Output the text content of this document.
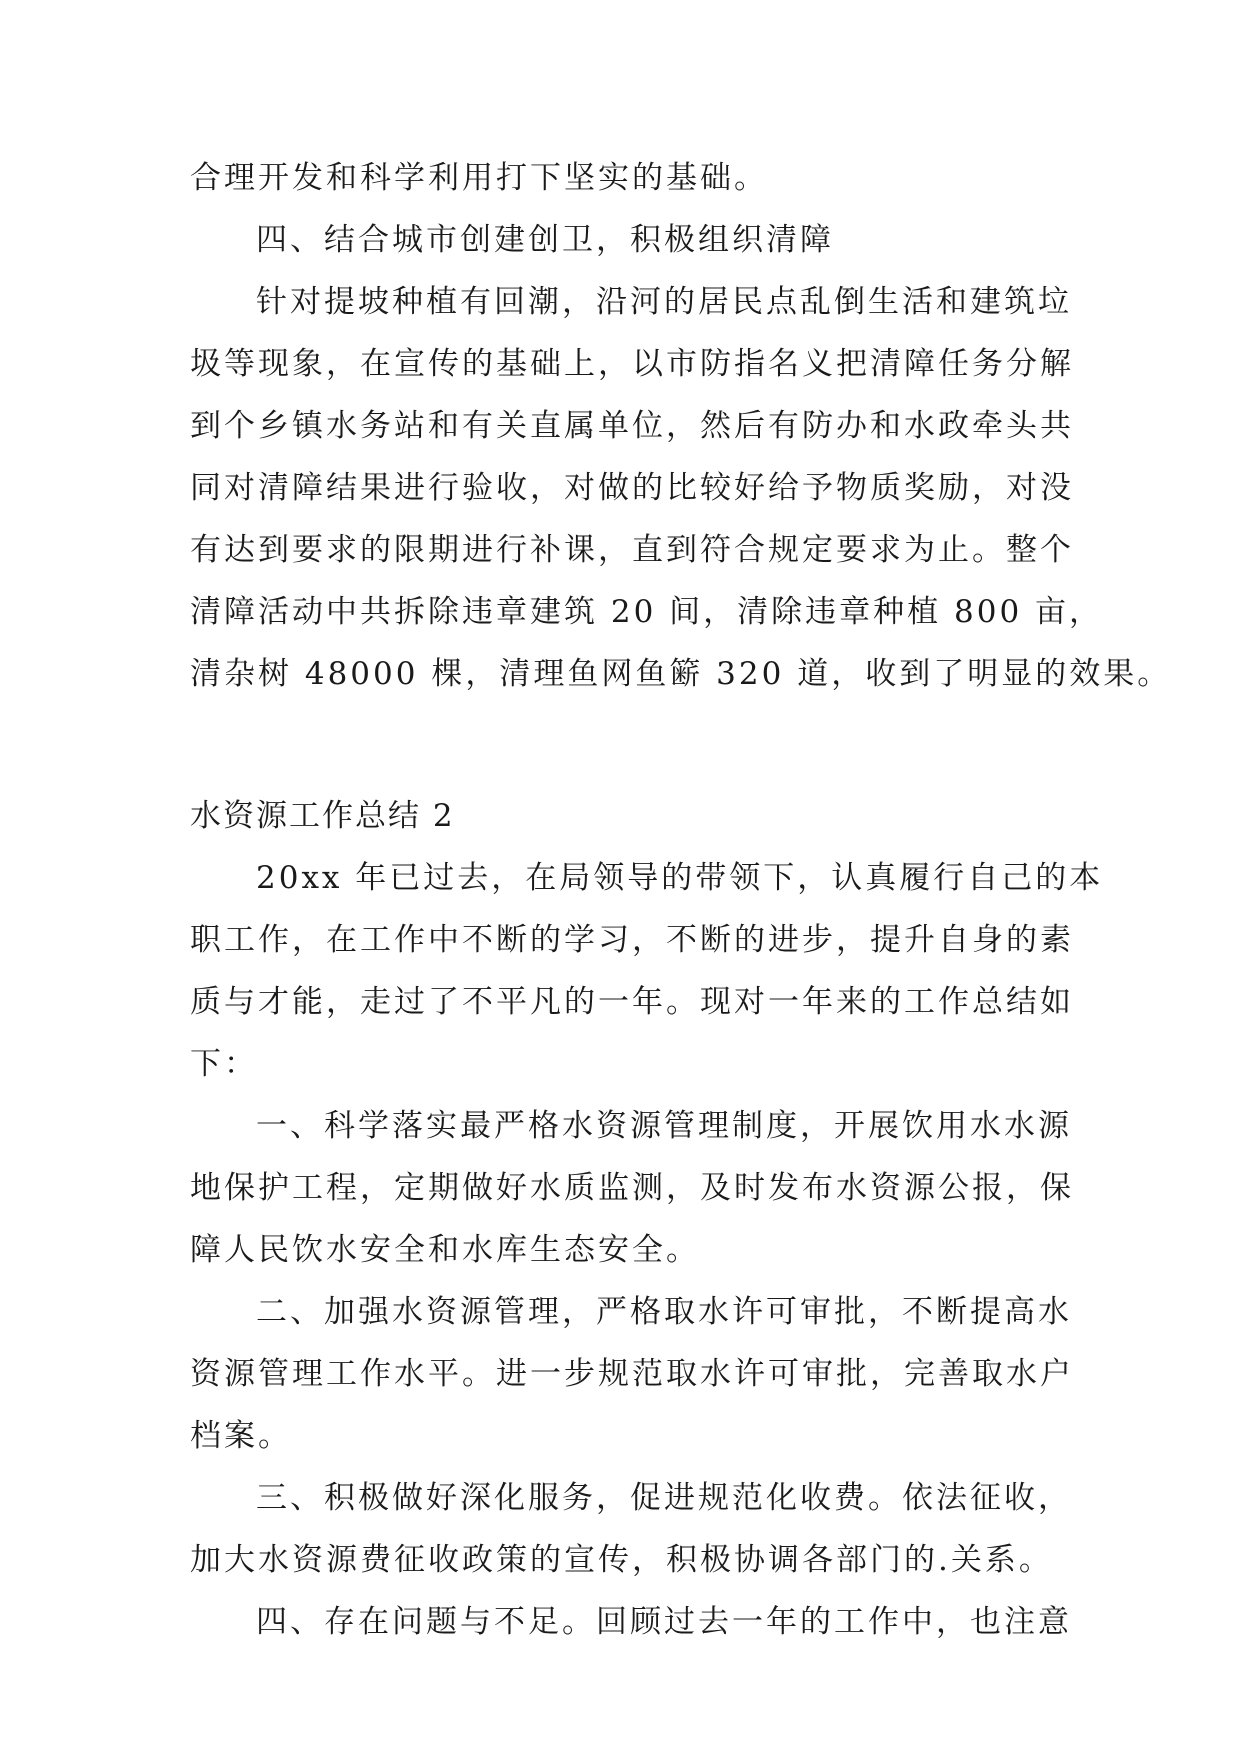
合理开发和科学利用打下坚实的基础。
四、结合城市创建创卫，积极组织清障
针对提坡种植有回潮，沿河的居民点乱倒生活和建筑垃
圾等现象，在宣传的基础上，以市防指名义把清障任务分解
到个乡镇水务站和有关直属单位，然后有防办和水政牵头共
同对清障结果进行验收，对做的比较好给予物质奖励，对没
有达到要求的限期进行补课，直到符合规定要求为止。整个
清障活动中共拆除违章建筑 20 间，清除违章种植 800 亩，
清杂树 48000 棵，清理鱼网鱼簖 320 道，收到了明显的效果。
水资源工作总结 2
20xx 年已过去，在局领导的带领下，认真履行自己的本
职工作，在工作中不断的学习，不断的进步，提升自身的素
质与才能，走过了不平凡的一年。现对一年来的工作总结如
下：
一、科学落实最严格水资源管理制度，开展饮用水水源
地保护工程，定期做好水质监测，及时发布水资源公报，保
障人民饮水安全和水库生态安全。
二、加强水资源管理，严格取水许可审批，不断提高水
资源管理工作水平。进一步规范取水许可审批，完善取水户
档案。
三、积极做好深化服务，促进规范化收费。依法征收，
加大水资源费征收政策的宣传，积极协调各部门的.关系。
四、存在问题与不足。回顾过去一年的工作中，也注意
